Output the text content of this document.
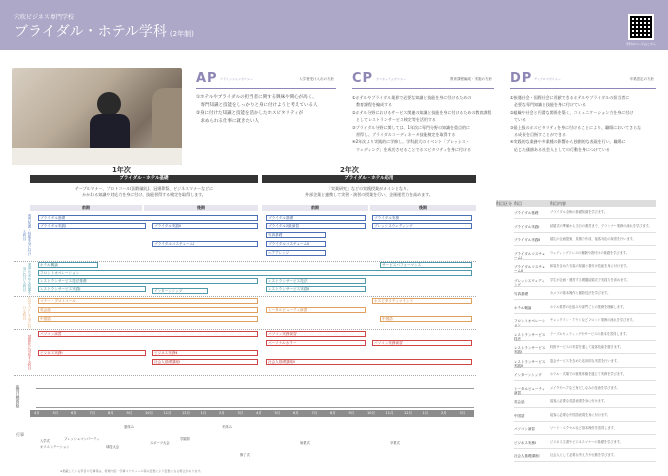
穴吹ビジネス専門学校
ブライダル・ホテル学科 (2年制)
学科のページはこちら
AP アドミッションポリシー	入学者受け入れの方針
①ホテルやブライダルの担当者に関する興味や関心が高く、
　専門知識と技能をしっかりと身に付けようと考えている人
②身に付けた知識と技能を活かしたホスピタリティが
　求められる仕事に就きたい人
CP カリキュラムポリシー	教育課程編成・実施の方針
①ホテルやブライダル業界で必要な知識と技能を身に付けるための
　教育課程を編成する
②ホテル分野におけるサービス関連の知識と技能を身に付けるための教育課程
　としてレストランサービス検定等を活用する
③ブライダル分野に関しては、1年次に専門分野の知識を重点的に
　習得し、ブライダルコーディネータ技能検定を取得する
④2年次より実践的に学修し、学科最大のイベント「ブレッシス・
　ウェディング」を成功させることでホスピタリティを身に付ける
DP ディプロマポリシー	卒業認定の方針
①接遇社会・国際社会に貢献できるホテルやブライダルの担当者に
　必要な専門知識と技能を身に付けている
②組織や社会と円滑な関係を築く、コミュニケーション力を身に付け
　ている
③最上級のホスピタリティを身に付けることにより、職場においてさらな
　る成長を目指すことができる
④実践的な業務や多業種の影響から独創的な表現を行い、職場に
　応じた価値ある社会人としての行動を身につけている
1年次	2年次
ブライダル・ホテル基礎	ブライダル・ホテル応用
テーブルマナー、プロトコール(国際儀礼)、冠婚葬祭、ビジネスマナーなどに
かかわる知識や対応力を身に付け、技能習得する検定を取得します。
「実業研究」などの実践授業がメインとなり、
外部企業と連携して実習・演習の授業を行い、企画運営力を高めます。
前期	後期	前期	後期
専門知識・技能を身に付ける科目
業界が求める知識を身に付ける科目
社会人として身に付ける科目
国際化に対応する科目
ブライダル基礎
ブライダル実践Ⅰ	ブライダル実践Ⅱ
ブライダルコスチュームⅠ
ブライダル基礎	ブライダル実務
ブライダル2級演習	ブレッシスウェディング
写真基礎
ブライダルコスチュームⅡ
ヘアアレンジ
ホテル概論
フロントオペレーション
レストランサービス技法基礎
レストランサービス実践Ⅰ	インターンシップ
レストランサービス技法
レストランサービス実践Ⅱ
サービスパフォーマンス
マナー・プロトコール
英会話
中国語
ホスピタリティマインド
トータルビューティ演習
中国語
パソコン演習
ビジネス実務Ⅰ	ビジネス実務Ⅱ
社会人基礎講座Ⅰ
パソコン実務演習
パーソナルカラー	パソコン実務演習
社会人基礎講座Ⅱ
取得目標資格
4月	5月	6月	7月	8月	9月	10月	11月	12月	1月	2月	3月	4月	5月	6月	7月	8月	9月	10月	11月	12月	1月	2月	3月
行事
入学式
オリエンテーション
フレッシュマンパーティ
球技大会
夏休み
スポーツ大会
学園祭
冬休み
修了式
始業式	卒業式
科目区分 科目	科目内容
ブライダル基礎	ブライダル全般の基礎知識を学びます。
ブライダル実践Ⅰ	結婚式の準備から当日の運営まで、プランナー業務の流れを学びます。
ブライダル実践Ⅱ	婚礼の企画提案、見積り作成、接客対応の演習を行います。
ブライダルコスチュームⅠ
ウェディングドレスの種類や着付けの基礎を学びます。
ブライダルコスチュームⅡ
和装を含めた衣装の知識と着付け技能を身に付けます。
ブレッシスウェディング
学生が企画・運営する模擬結婚式で実践力を高めます。
写真基礎	カメラの基本操作と撮影技法を学びます。
ホテル概論	ホテル業界の仕組みや部門ごとの業務を理解します。
フロントオペレーション
チェックイン・アウトなどフロント業務の流れを学びます。
レストランサービス技法
テーブルセッティングやサービスの基本を習得します。
レストランサービス実践Ⅰ
料飲サービスの実習を通して接客技能を磨きます。
レストランサービス実践Ⅱ
宴会サービスを含めた応用的な実習を行います。
インターンシップ	ホテル・式場での就業体験を通じて実務を学びます。
トータルビューティ演習
メイクやヘアなど身だしなみの技術を学びます。
英会話	接客に必要な英語表現を身に付けます。
中国語	接客に必要な中国語表現を身に付けます。
パソコン演習	ワード・エクセルなど基本操作を習得します。
ビジネス実務Ⅰ	ビジネス文書やビジネスマナーの基礎を学びます。
社会人基礎講座Ⅰ	社会人として必要な考え方や行動を学びます。
※掲載している科目や行事等は、授業内容・学事スケジュール等の変更により変更になる場合があります。
